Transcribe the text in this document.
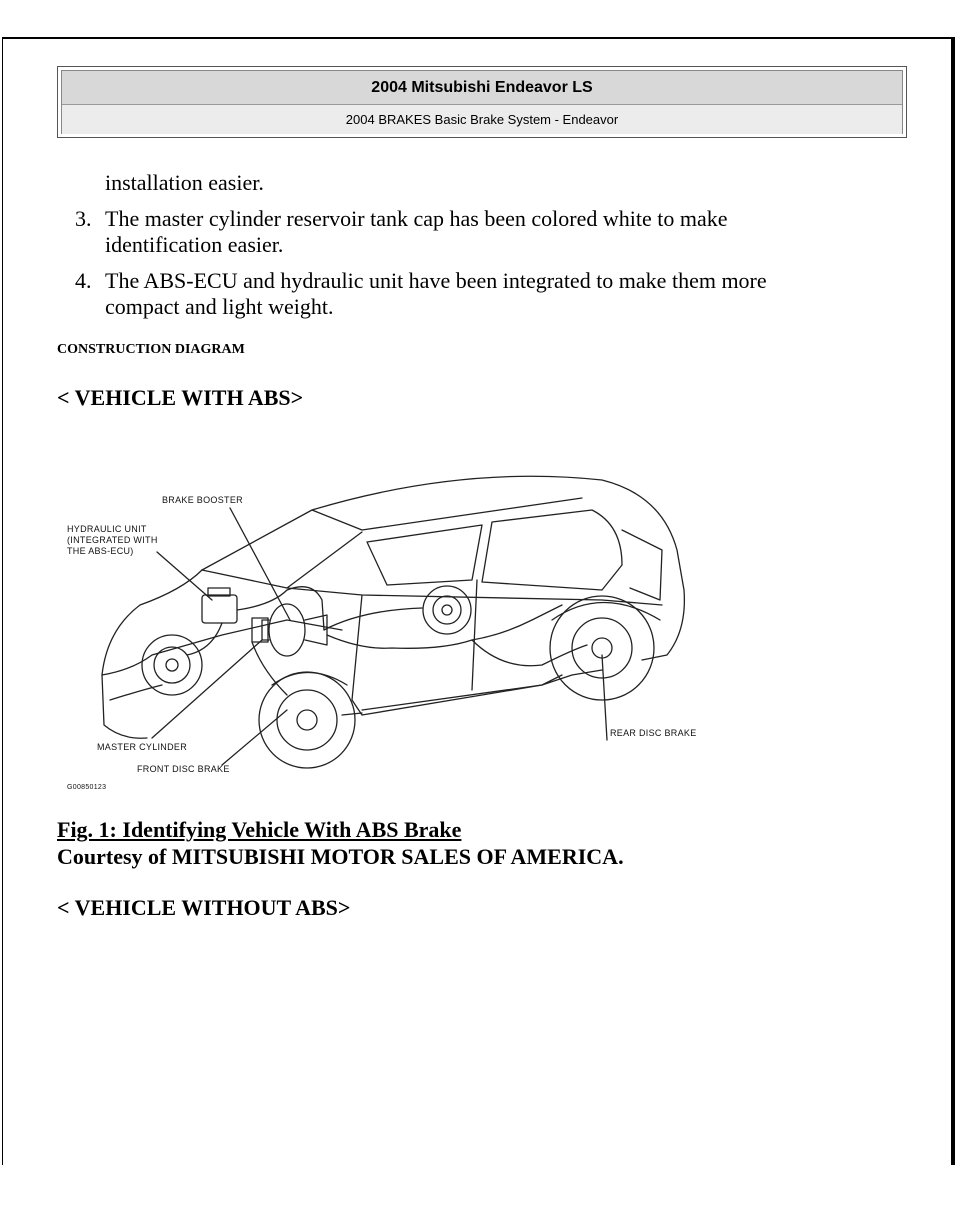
2004 Mitsubishi Endeavor LS
2004 BRAKES Basic Brake System - Endeavor
installation easier.
3. The master cylinder reservoir tank cap has been colored white to make
identification easier.
4. The ABS-ECU and hydraulic unit have been integrated to make them more
compact and light weight.
CONSTRUCTION DIAGRAM
< VEHICLE WITH ABS>
BRAKE BOOSTER
HYDRAULIC UNIT
(INTEGRATED WITH
THE ABS-ECU)
MASTER CYLINDER
FRONT DISC BRAKE
REAR DISC BRAKE
G00850123
Fig. 1: Identifying Vehicle With ABS Brake
Courtesy of MITSUBISHI MOTOR SALES OF AMERICA.
< VEHICLE WITHOUT ABS>
